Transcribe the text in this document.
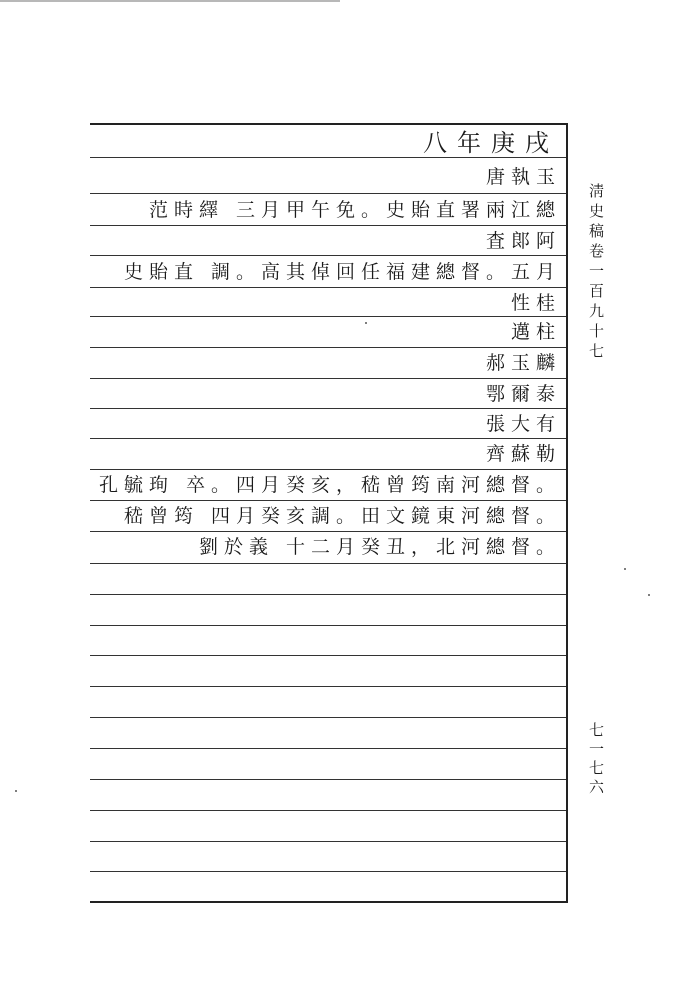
八年庚戌
唐執玉
范時繹 三月甲午免。史貽直署兩江總
査郞阿
史貽直 調。高其倬回任福建總督。五月
性桂
邁柱
郝玉麟
鄂爾泰
張大有
齊蘇勒
孔毓珣 卒。四月癸亥，嵇曾筠南河總督。
嵇曾筠 四月癸亥調。田文鏡東河總督。
劉於義 十二月癸丑，北河總督。
淸史稿卷一百九十七
七一七六
